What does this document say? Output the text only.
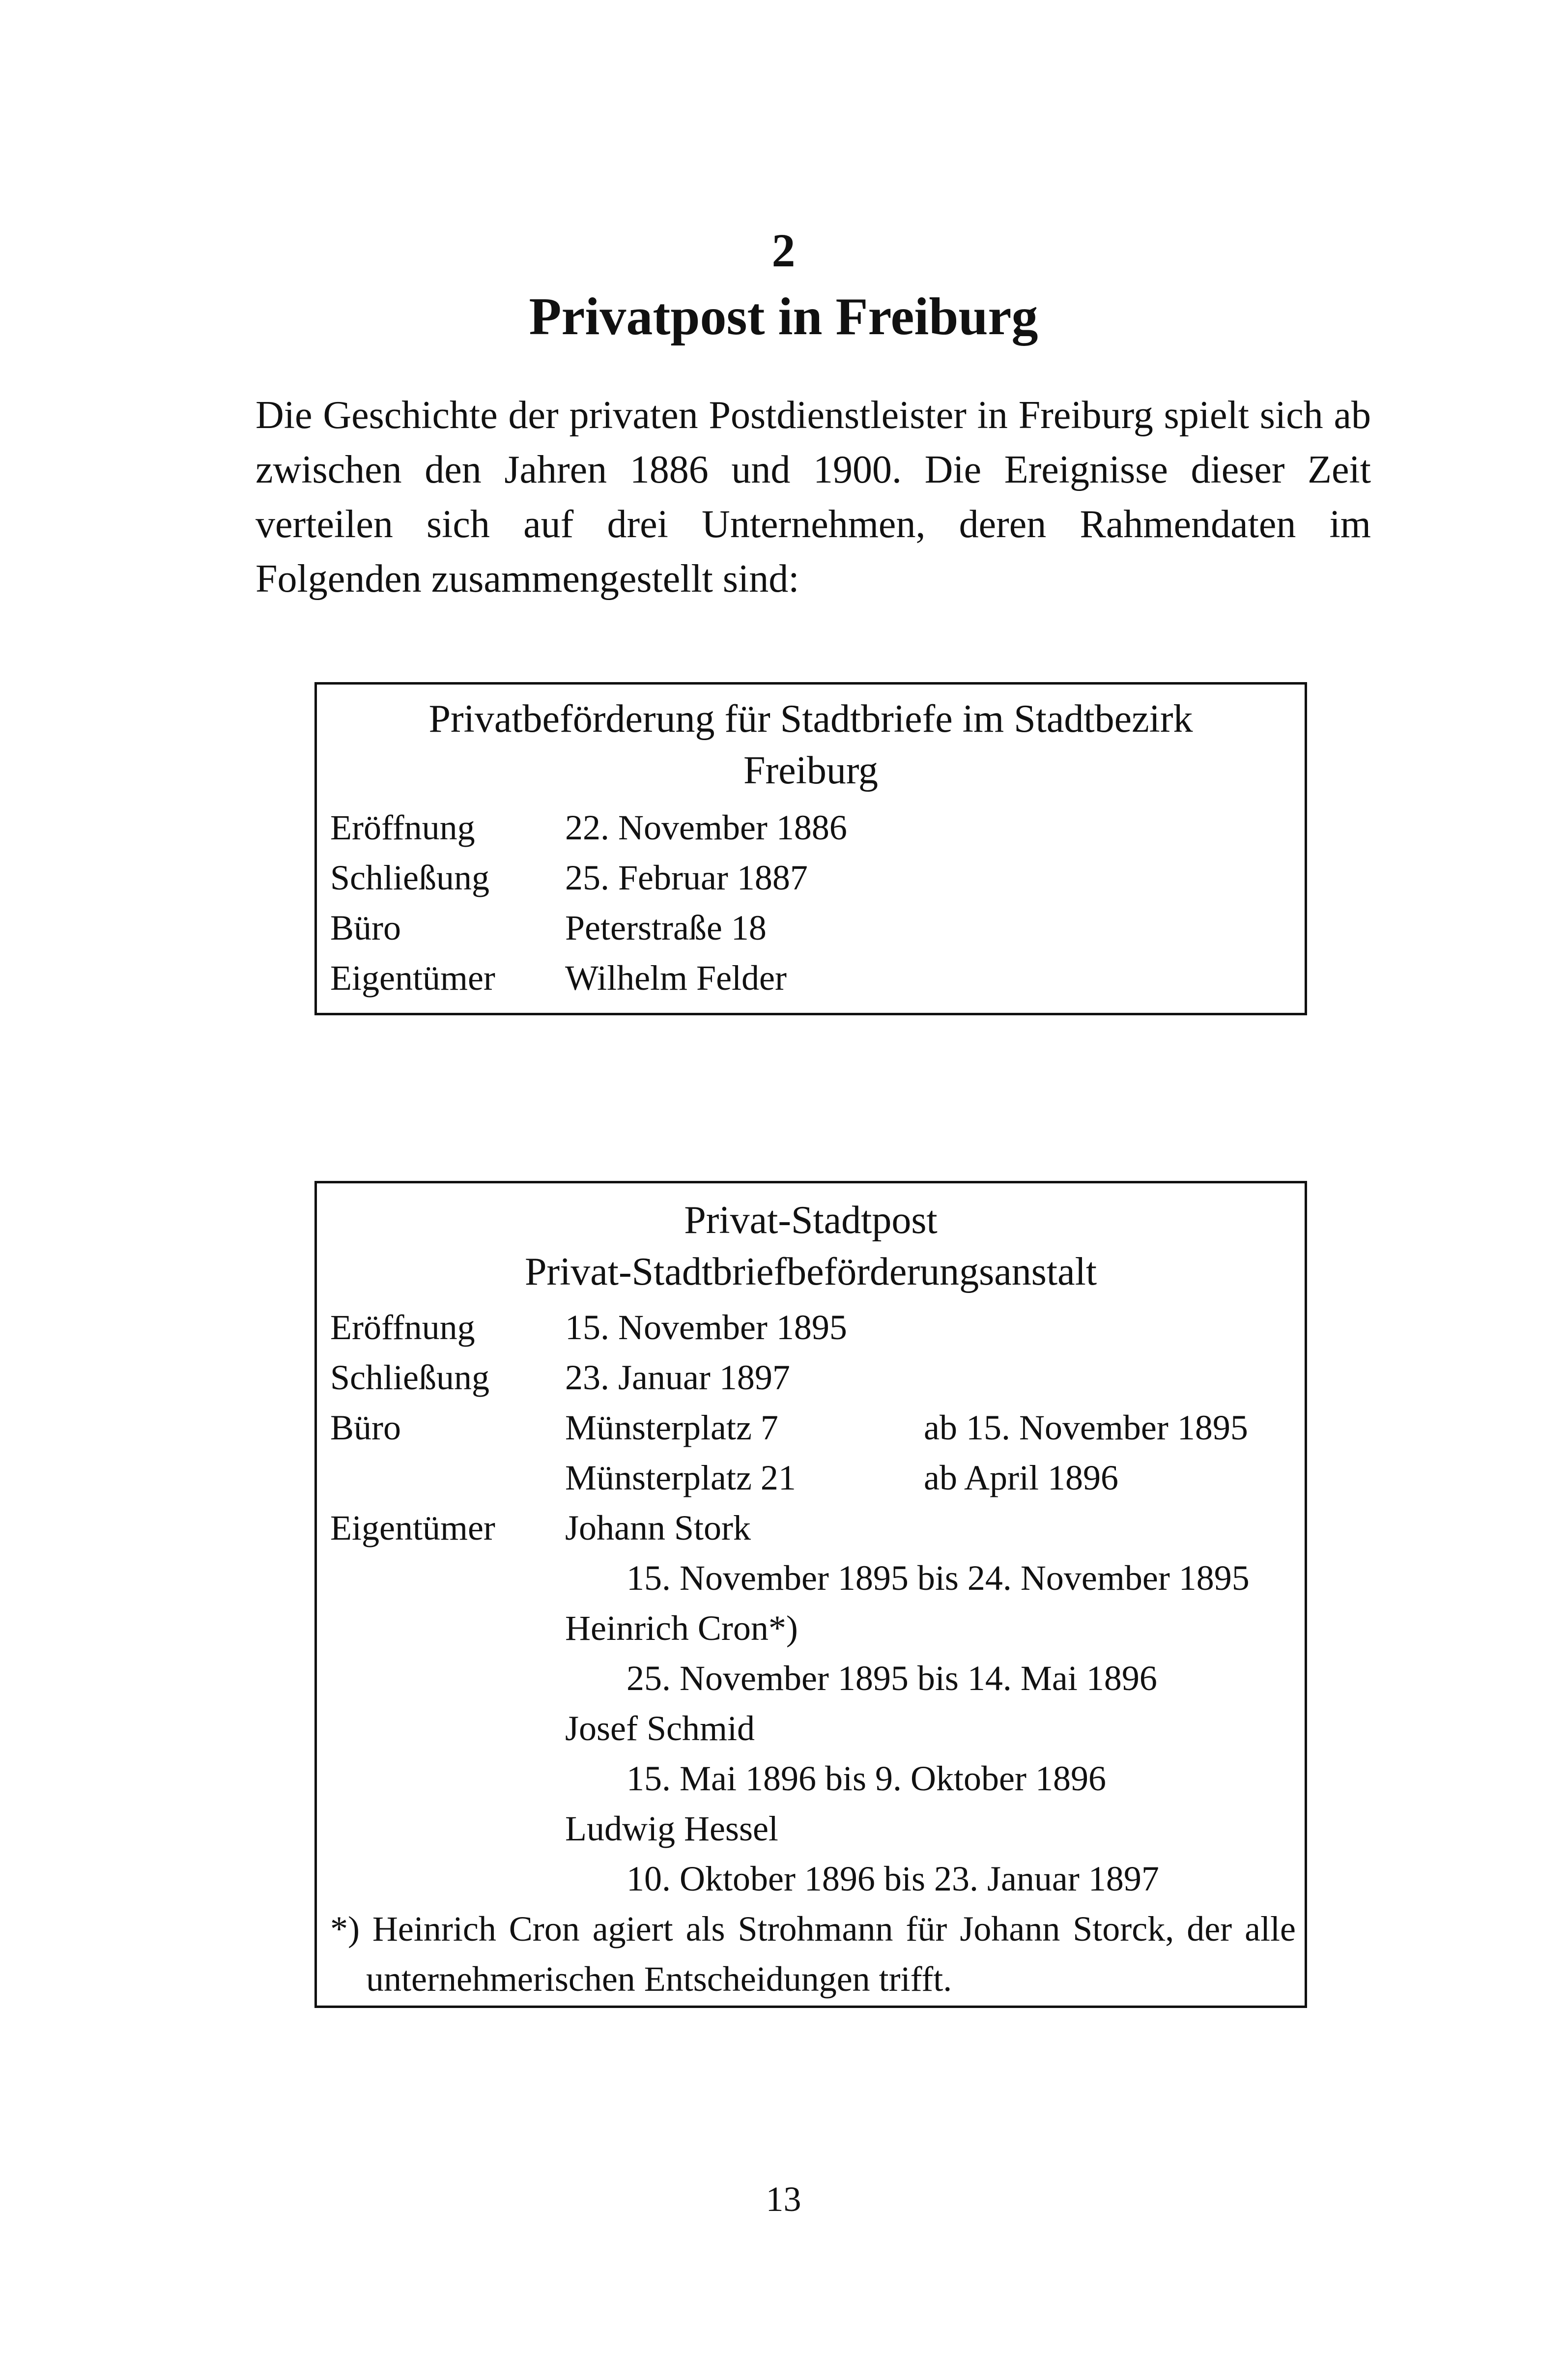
2
Privatpost in Freiburg

Die Geschichte der privaten Postdienstleister in Freiburg spielt sich ab zwischen den Jahren 1886 und 1900. Die Ereignisse dieser Zeit verteilen sich auf drei Unternehmen, deren Rahmendaten im Folgenden zusammengestellt sind:

Privatbeförderung für Stadtbriefe im Stadtbezirk
Freiburg
Eröffnung	22. November 1886
Schließung 25. Februar 1887
Büro	Peterstraße 18
Eigentümer Wilhelm Felder
Privat-Stadtpost
Privat-Stadtbriefbeförderungsanstalt
Eröffnung	15. November 1895
Schließung 23. Januar 1897
Büro	Münsterplatz 7	ab 15. November 1895
Münsterplatz 21	ab April 1896
Eigentümer Johann Stork
15. November 1895 bis 24. November 1895
Heinrich Cron*)
25. November 1895 bis 14. Mai 1896
Josef Schmid
15. Mai 1896 bis 9. Oktober 1896
Ludwig Hessel
10. Oktober 1896 bis 23. Januar 1897
*) Heinrich Cron agiert als Strohmann für Johann Storck, der alle
unternehmerischen Entscheidungen trifft.
13
